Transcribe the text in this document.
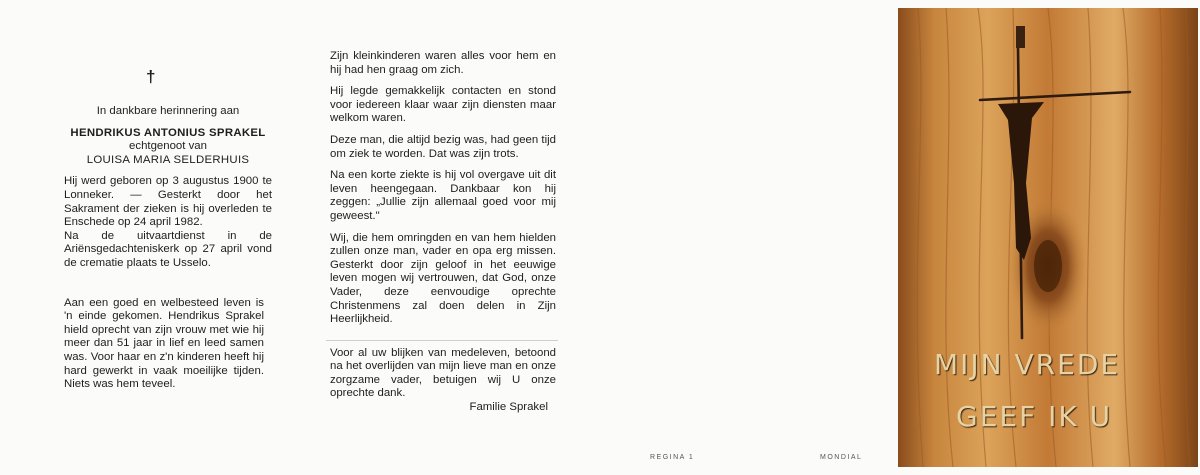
†

In dankbare herinnering aan

HENDRIKUS ANTONIUS SPRAKEL

echtgenoot van

LOUISA MARIA SELDERHUIS

Hij werd geboren op 3 augustus 1900 te Lonneker. — Gesterkt door het Sakrament der zieken is hij overleden te Enschede op 24 april 1982.

Na de uitvaartdienst in de Ariënsgedachteniskerk op 27 april vond de crematie plaats te Usselo.

Aan een goed en welbesteed leven is 'n einde gekomen. Hendrikus Sprakel hield oprecht van zijn vrouw met wie hij meer dan 51 jaar in lief en leed samen was. Voor haar en z'n kinderen heeft hij hard gewerkt in vaak moeilijke tijden. Niets was hem teveel.

Zijn kleinkinderen waren alles voor hem en hij had hen graag om zich.

Hij legde gemakkelijk contacten en stond voor iedereen klaar waar zijn diensten maar welkom waren.

Deze man, die altijd bezig was, had geen tijd om ziek te worden. Dat was zijn trots.

Na een korte ziekte is hij vol overgave uit dit leven heengegaan. Dankbaar kon hij zeggen: „Jullie zijn allemaal goed voor mij geweest."

Wij, die hem omringden en van hem hielden zullen onze man, vader en opa erg missen. Gesterkt door zijn geloof in het eeuwige leven mogen wij vertrouwen, dat God, onze Vader, deze eenvoudige oprechte Christenmens zal doen delen in Zijn Heerlijkheid.

Voor al uw blijken van medeleven, betoond na het overlijden van mijn lieve man en onze zorgzame vader, betuigen wij U onze oprechte dank.

Familie Sprakel

REGINA 1	MONDIAL
MIJN VREDE
GEEF IK U
